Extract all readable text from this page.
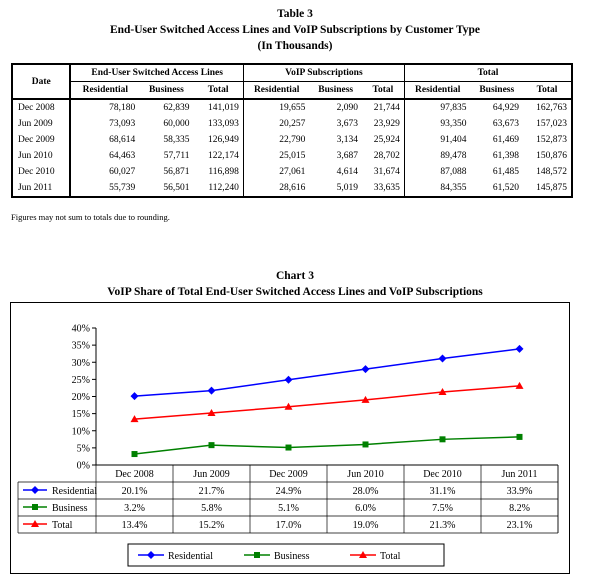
Table 3
End-User Switched Access Lines and VoIP Subscriptions by Customer Type
(In Thousands)
Date	End-User Switched Access Lines			VoIP Subscriptions			Total		
	Residential	Business	Total	Residential	Business	Total	Residential	Business	Total
Dec 2008	78,180	62,839	141,019	19,655	2,090	21,744	97,835	64,929	162,763
Jun 2009	73,093	60,000	133,093	20,257	3,673	23,929	93,350	63,673	157,023
Dec 2009	68,614	58,335	126,949	22,790	3,134	25,924	91,404	61,469	152,873
Jun 2010	64,463	57,711	122,174	25,015	3,687	28,702	89,478	61,398	150,876
Dec 2010	60,027	56,871	116,898	27,061	4,614	31,674	87,088	61,485	148,572
Jun 2011	55,739	56,501	112,240	28,616	5,019	33,635	84,355	61,520	145,875
Figures may not sum to totals due to rounding.
Chart 3
VoIP Share of Total End-User Switched Access Lines and VoIP Subscriptions
0%
5%
10%
15%
20%
25%
30%
35%
40%
Dec 2008	Jun 2009	Dec 2009	Jun 2010	Dec 2010	Jun 2011
Residential 20.1%	21.7%	24.9%	28.0%	31.1%	33.9%
Business	3.2%	5.8%	5.1%	6.0%	7.5%	8.2%
Total	13.4%	15.2%	17.0%	19.0%	21.3%	23.1%
Residential	Business	Total
